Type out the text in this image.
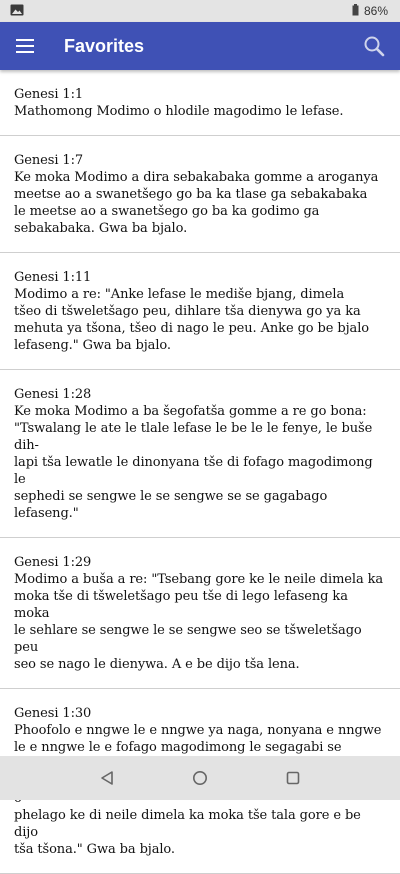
86%
Favorites
Genesi 1:1
Mathomong Modimo o hlodile magodimo le lefase.
Genesi 1:7
Ke moka Modimo a dira sebakabaka gomme a aroganya
meetse ao a swanetšego go ba ka tlase ga sebakabaka
le meetse ao a swanetšego go ba ka godimo ga
sebakabaka. Gwa ba bjalo.
Genesi 1:11
Modimo a re: "Anke lefase le mediše bjang, dimela
tšeo di tšweletšago peu, dihlare tša dienywa go ya ka
mehuta ya tšona, tšeo di nago le peu. Anke go be bjalo
lefaseng." Gwa ba bjalo.
Genesi 1:28
Ke moka Modimo a ba šegofatša gomme a re go bona:
"Tswalang le ate le tlale lefase le be le le fenye, le buše dih-
lapi tša lewatle le dinonyana tše di fofago magodimong le
sephedi se sengwe le se sengwe se se gagabago lefaseng."
Genesi 1:29
Modimo a buša a re: "Tsebang gore ke le neile dimela ka
moka tše di tšweletšago peu tše di lego lefaseng ka moka
le sehlare se sengwe le se sengwe seo se tšweletšago peu
seo se nago le dienywa. A e be dijo tša lena.
Genesi 1:30
Phoofolo e nngwe le e nngwe ya naga, nonyana e nngwe
le e nngwe le e fofago magodimong le segagabi se
phelago ke di neile dimela ka moka tše tala gore e be dijo
tša tšona." Gwa ba bjalo.
